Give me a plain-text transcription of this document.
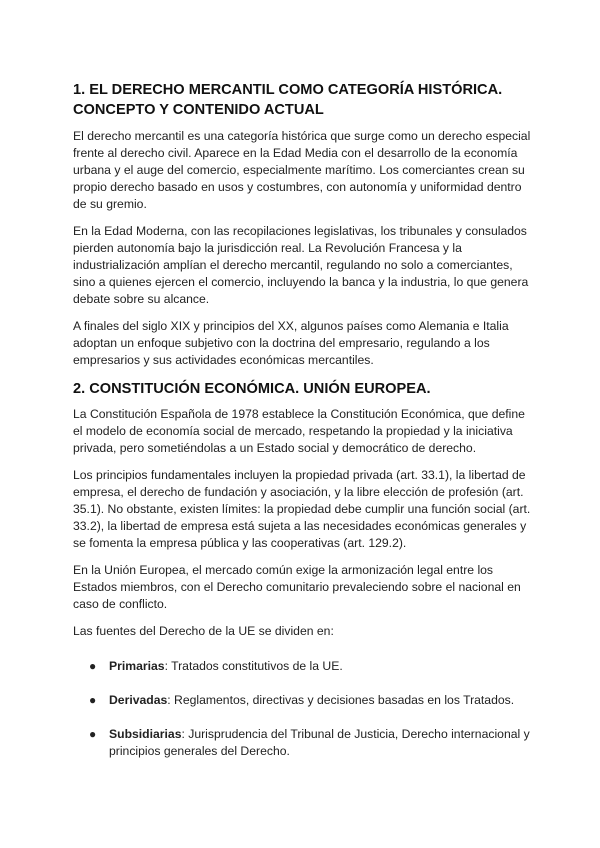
1. EL DERECHO MERCANTIL COMO CATEGORÍA HISTÓRICA. CONCEPTO Y CONTENIDO ACTUAL

El derecho mercantil es una categoría histórica que surge como un derecho especial frente al derecho civil. Aparece en la Edad Media con el desarrollo de la economía urbana y el auge del comercio, especialmente marítimo. Los comerciantes crean su propio derecho basado en usos y costumbres, con autonomía y uniformidad dentro de su gremio.

En la Edad Moderna, con las recopilaciones legislativas, los tribunales y consulados pierden autonomía bajo la jurisdicción real. La Revolución Francesa y la industrialización amplían el derecho mercantil, regulando no solo a comerciantes, sino a quienes ejercen el comercio, incluyendo la banca y la industria, lo que genera debate sobre su alcance.

A finales del siglo XIX y principios del XX, algunos países como Alemania e Italia adoptan un enfoque subjetivo con la doctrina del empresario, regulando a los empresarios y sus actividades económicas mercantiles.

2. CONSTITUCIÓN ECONÓMICA. UNIÓN EUROPEA.

La Constitución Española de 1978 establece la Constitución Económica, que define el modelo de economía social de mercado, respetando la propiedad y la iniciativa privada, pero sometiéndolas a un Estado social y democrático de derecho.

Los principios fundamentales incluyen la propiedad privada (art. 33.1), la libertad de empresa, el derecho de fundación y asociación, y la libre elección de profesión (art. 35.1). No obstante, existen límites: la propiedad debe cumplir una función social (art. 33.2), la libertad de empresa está sujeta a las necesidades económicas generales y se fomenta la empresa pública y las cooperativas (art. 129.2).

En la Unión Europea, el mercado común exige la armonización legal entre los Estados miembros, con el Derecho comunitario prevaleciendo sobre el nacional en caso de conflicto.

Las fuentes del Derecho de la UE se dividen en:

● Primarias: Tratados constitutivos de la UE.
● Derivadas: Reglamentos, directivas y decisiones basadas en los Tratados.
● Subsidiarias: Jurisprudencia del Tribunal de Justicia, Derecho internacional y principios generales del Derecho.
